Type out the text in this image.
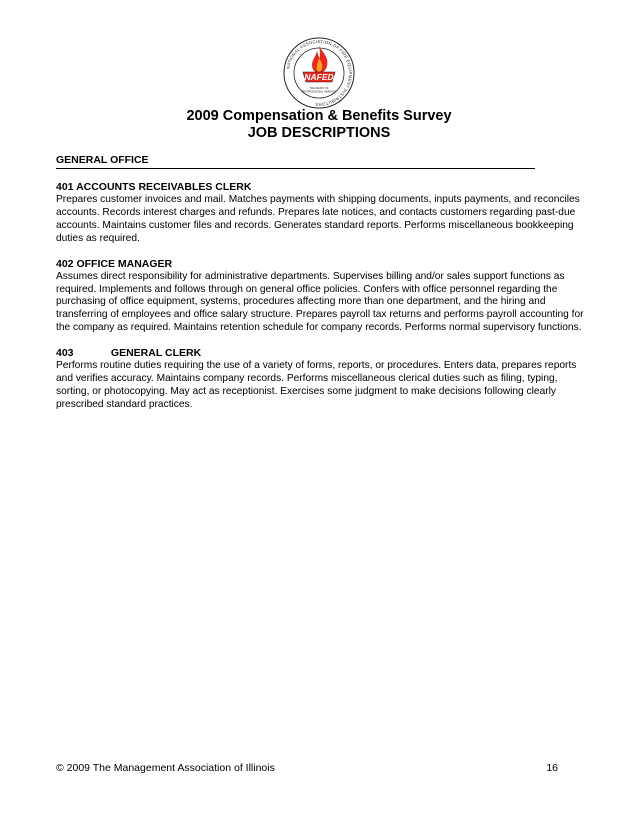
NATIONAL ASSOCIATION OF FIRE EQUIPMENT DISTRIBUTORS
NAFED
THE MARK OF
PROFESSIONAL SERVICE
2009 Compensation & Benefits Survey
JOB DESCRIPTIONS
GENERAL OFFICE
401 ACCOUNTS RECEIVABLES CLERK
Prepares customer invoices and mail. Matches payments with shipping documents, inputs payments, and reconciles accounts. Records interest charges and refunds. Prepares late notices, and contacts customers regarding past-due accounts. Maintains customer files and records. Generates standard reports. Performs miscellaneous bookkeeping duties as required.
402 OFFICE MANAGER
Assumes direct responsibility for administrative departments. Supervises billing and/or sales support functions as required. Implements and follows through on general office policies. Confers with office personnel regarding the purchasing of office equipment, systems, procedures affecting more than one department, and the hiring and transferring of employees and office salary structure. Prepares payroll tax returns and performs payroll accounting for the company as required. Maintains retention schedule for company records. Performs normal supervisory functions.
403	GENERAL CLERK
Performs routine duties requiring the use of a variety of forms, reports, or procedures. Enters data, prepares reports and verifies accuracy. Maintains company records. Performs miscellaneous clerical duties such as filing, typing, sorting, or photocopying. May act as receptionist. Exercises some judgment to make decisions following clearly prescribed standard practices.
© 2009 The Management Association of Illinois	16
